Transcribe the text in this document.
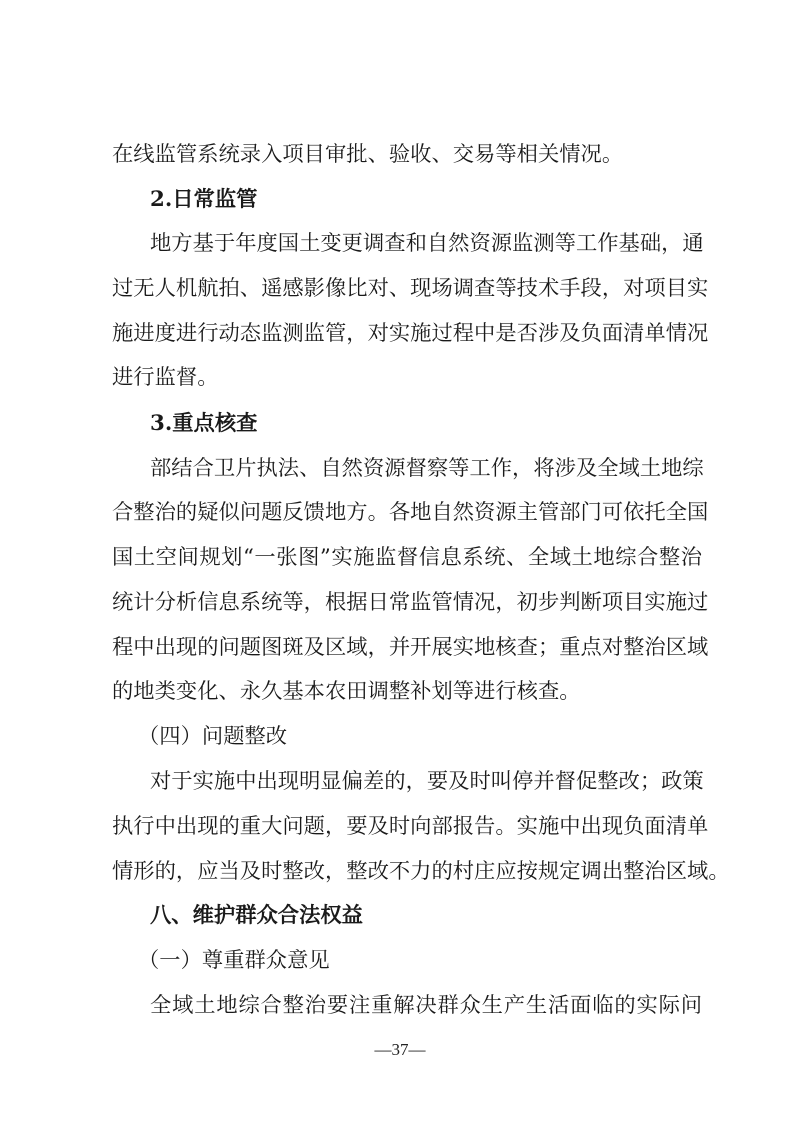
在线监管系统录入项目审批、验收、交易等相关情况。
2.日常监管
地方基于年度国土变更调查和自然资源监测等工作基础，通
过无人机航拍、遥感影像比对、现场调查等技术手段，对项目实
施进度进行动态监测监管，对实施过程中是否涉及负面清单情况
进行监督。
3.重点核查
部结合卫片执法、自然资源督察等工作，将涉及全域土地综
合整治的疑似问题反馈地方。各地自然资源主管部门可依托全国
国土空间规划“一张图”实施监督信息系统、全域土地综合整治
统计分析信息系统等，根据日常监管情况，初步判断项目实施过
程中出现的问题图斑及区域，并开展实地核查；重点对整治区域
的地类变化、永久基本农田调整补划等进行核查。
（四）问题整改
对于实施中出现明显偏差的，要及时叫停并督促整改；政策
执行中出现的重大问题，要及时向部报告。实施中出现负面清单
情形的，应当及时整改，整改不力的村庄应按规定调出整治区域。
八、维护群众合法权益
（一）尊重群众意见
—37—
全域土地综合整治要注重解决群众生产生活面临的实际问
